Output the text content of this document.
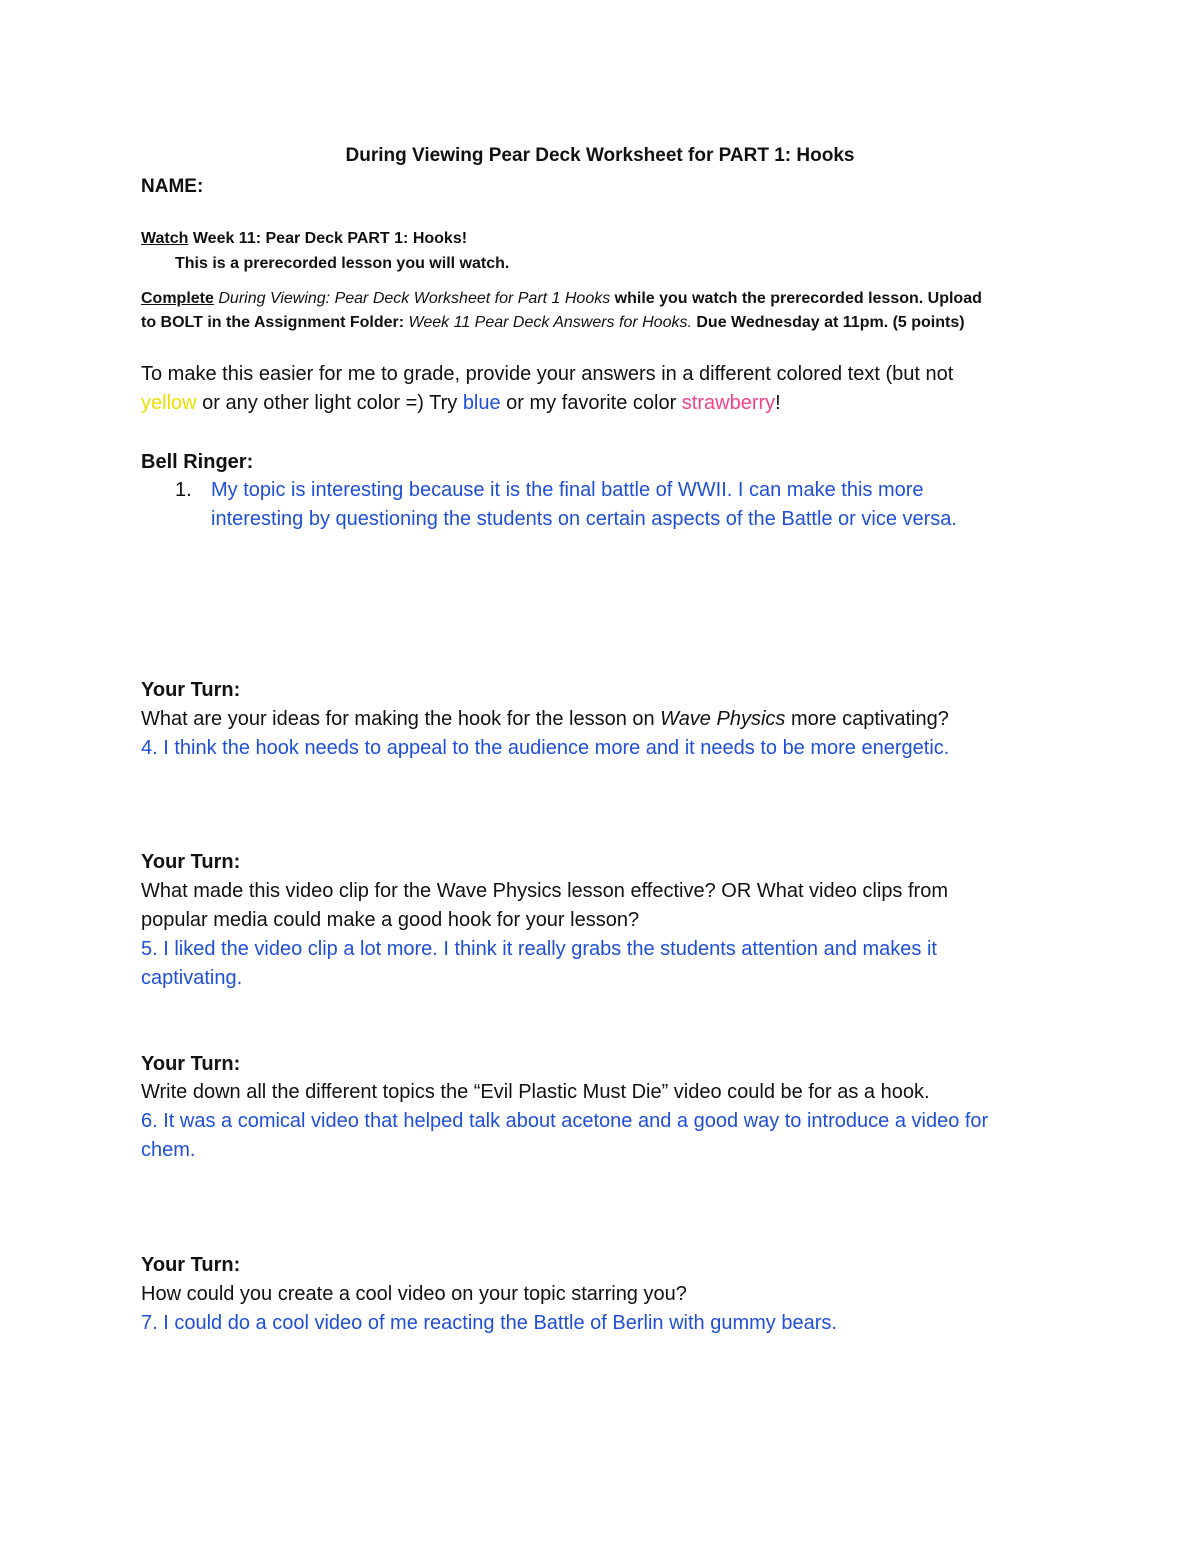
During Viewing Pear Deck Worksheet for PART 1: Hooks
NAME:
Watch Week 11: Pear Deck PART 1: Hooks!
This is a prerecorded lesson you will watch.
Complete During Viewing: Pear Deck Worksheet for Part 1 Hooks while you watch the prerecorded lesson. Upload
to BOLT in the Assignment Folder: Week 11 Pear Deck Answers for Hooks. Due Wednesday at 11pm. (5 points)
To make this easier for me to grade, provide your answers in a different colored text (but not
yellow or any other light color =) Try blue or my favorite color strawberry!
Bell Ringer:
1. My topic is interesting because it is the final battle of WWII. I can make this more
interesting by questioning the students on certain aspects of the Battle or vice versa.
Your Turn:
What are your ideas for making the hook for the lesson on Wave Physics more captivating?
4. I think the hook needs to appeal to the audience more and it needs to be more energetic.
Your Turn:
What made this video clip for the Wave Physics lesson effective? OR What video clips from
popular media could make a good hook for your lesson?
5. I liked the video clip a lot more. I think it really grabs the students attention and makes it
captivating.
Your Turn:
Write down all the different topics the “Evil Plastic Must Die” video could be for as a hook.
6. It was a comical video that helped talk about acetone and a good way to introduce a video for
chem.
Your Turn:
How could you create a cool video on your topic starring you?
7. I could do a cool video of me reacting the Battle of Berlin with gummy bears.
